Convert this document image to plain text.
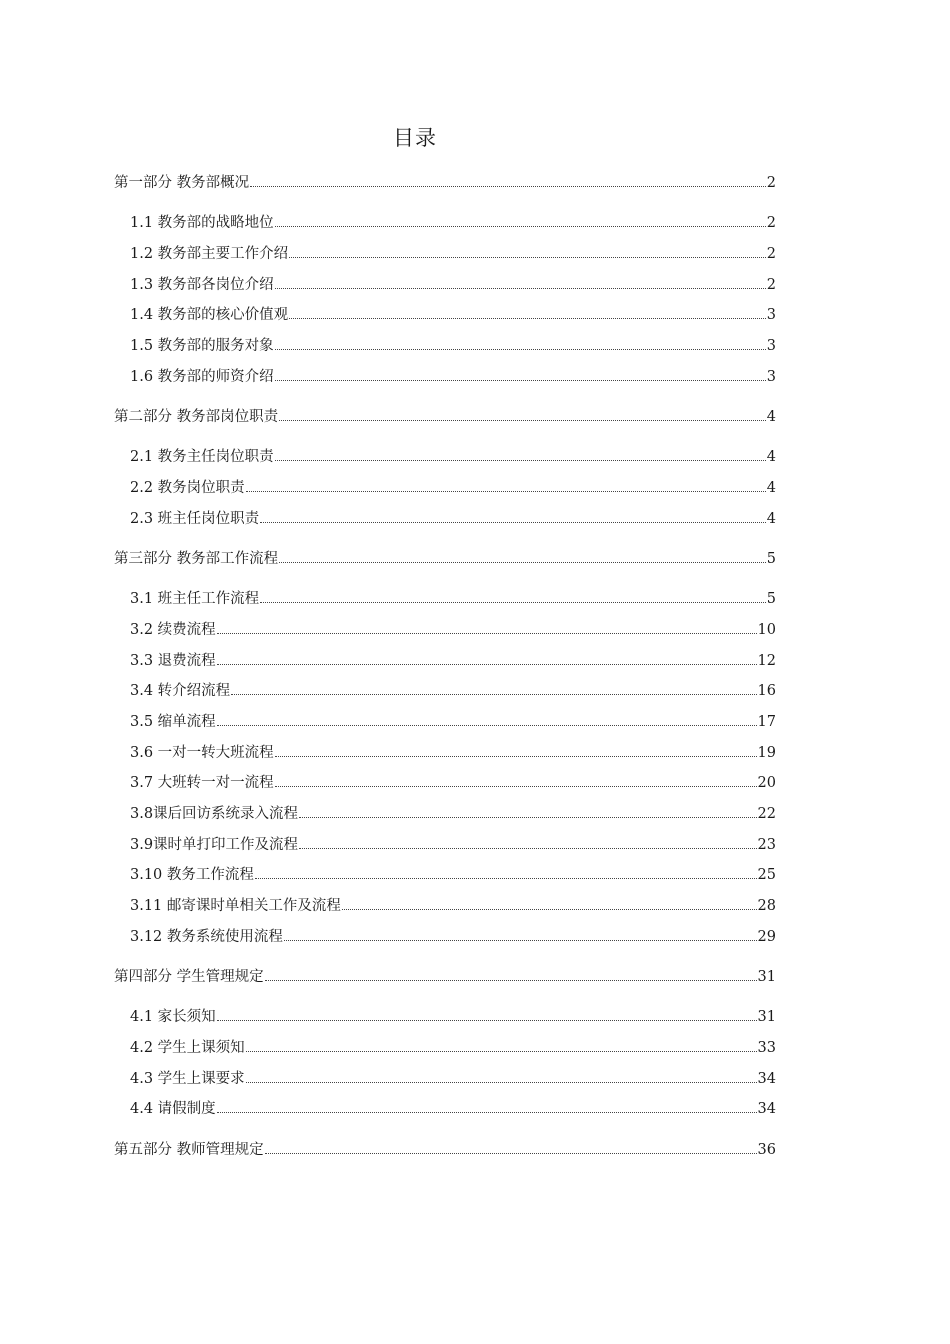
目录
第一部分 教务部概况	2
1.1 教务部的战略地位	2
1.2 教务部主要工作介绍	2
1.3 教务部各岗位介绍	2
1.4 教务部的核心价值观	3
1.5 教务部的服务对象	3
1.6 教务部的师资介绍	3
第二部分 教务部岗位职责	4
2.1 教务主任岗位职责	4
2.2 教务岗位职责	4
2.3 班主任岗位职责	4
第三部分 教务部工作流程	5
3.1 班主任工作流程	5
3.2 续费流程	10
3.3 退费流程	12
3.4 转介绍流程	16
3.5 缩单流程	17
3.6 一对一转大班流程	19
3.7 大班转一对一流程	20
3.8课后回访系统录入流程	22
3.9课时单打印工作及流程	23
3.10 教务工作流程	25
3.11 邮寄课时单相关工作及流程	28
3.12 教务系统使用流程	29
第四部分 学生管理规定	31
4.1 家长须知	31
4.2 学生上课须知	33
4.3 学生上课要求	34
4.4 请假制度	34
第五部分 教师管理规定	36
